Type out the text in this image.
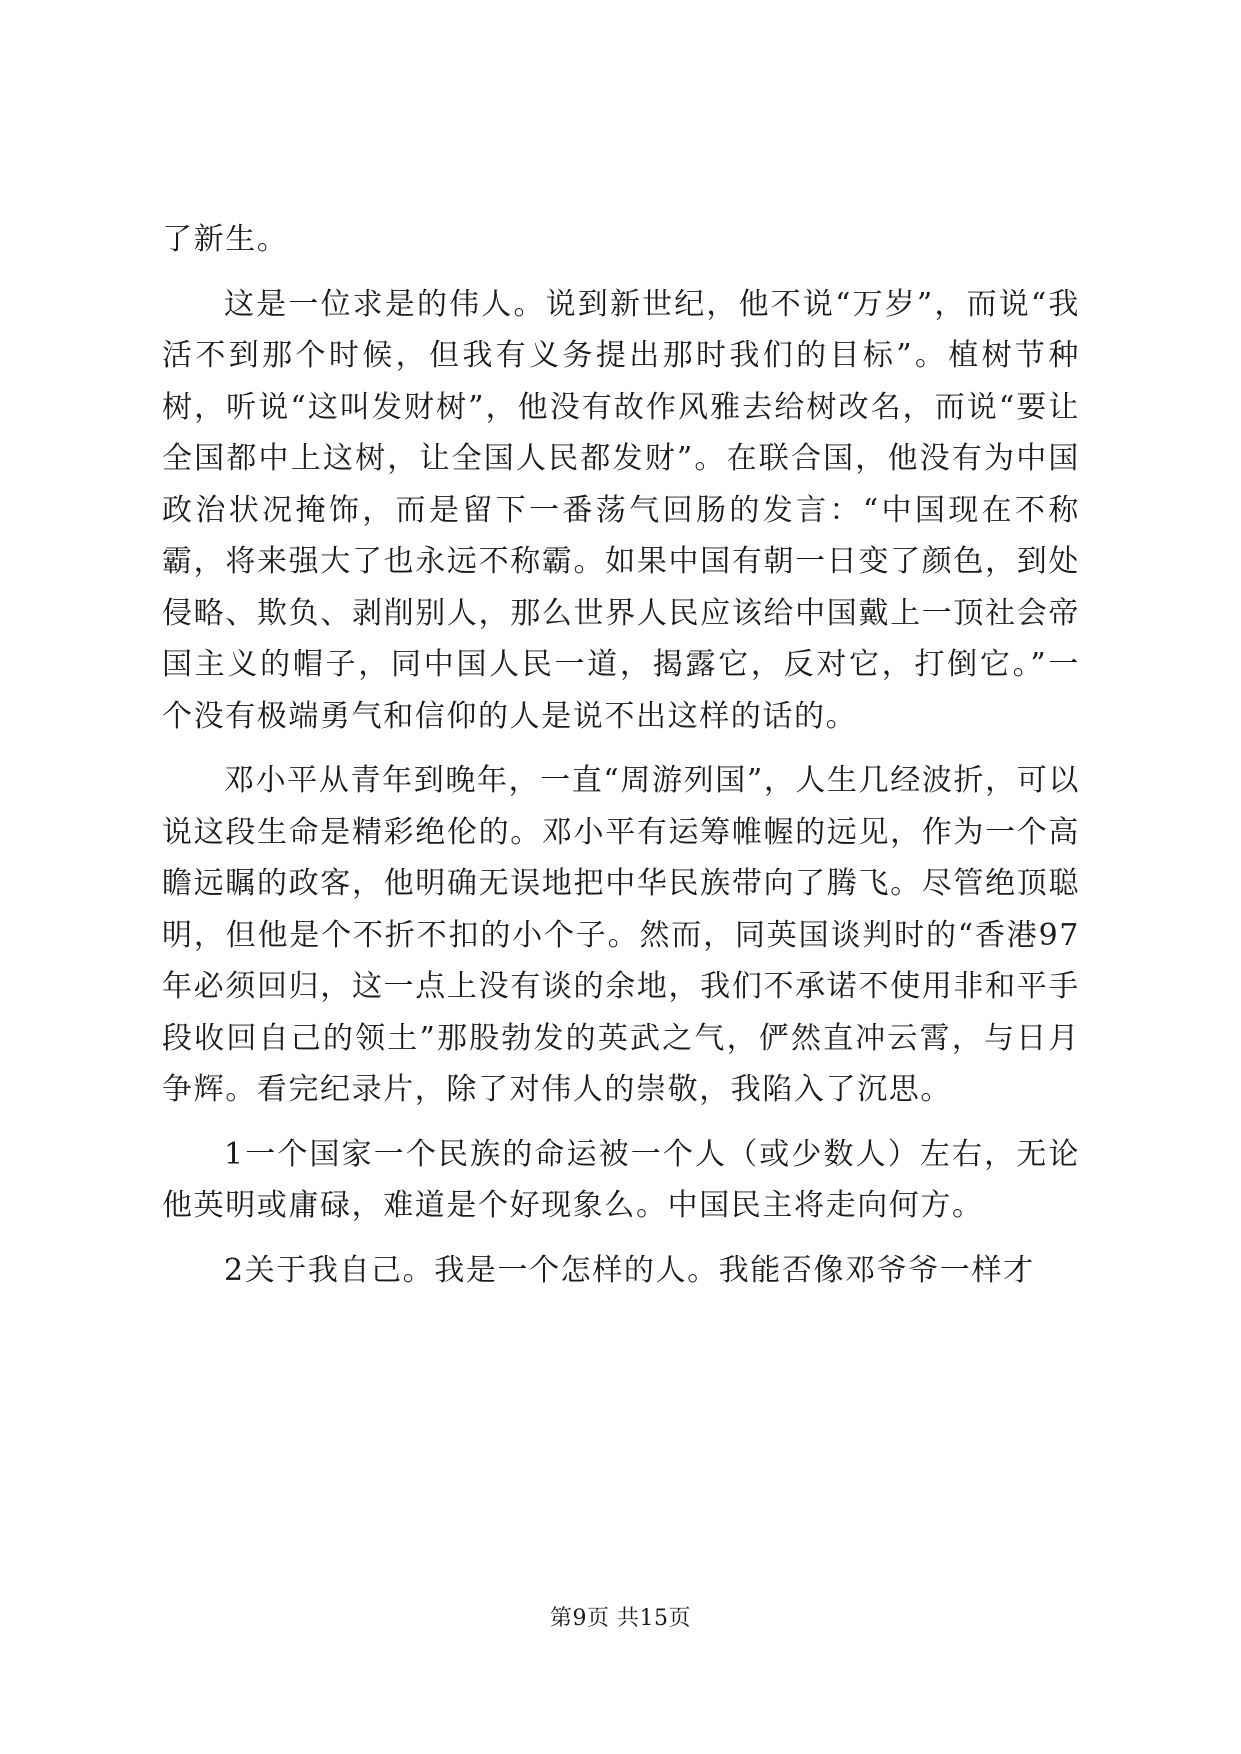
了新生。

这是一位求是的伟人。说到新世纪，他不说“万岁”，而说“我活不到那个时候，但我有义务提出那时我们的目标”。植树节种树，听说“这叫发财树”，他没有故作风雅去给树改名，而说“要让全国都中上这树，让全国人民都发财”。在联合国，他没有为中国政治状况掩饰，而是留下一番荡气回肠的发言：“中国现在不称霸，将来强大了也永远不称霸。如果中国有朝一日变了颜色，到处侵略、欺负、剥削别人，那么世界人民应该给中国戴上一顶社会帝国主义的帽子，同中国人民一道，揭露它，反对它，打倒它。”一个没有极端勇气和信仰的人是说不出这样的话的。

邓小平从青年到晚年，一直“周游列国”，人生几经波折，可以说这段生命是精彩绝伦的。邓小平有运筹帷幄的远见，作为一个高瞻远瞩的政客，他明确无误地把中华民族带向了腾飞。尽管绝顶聪明，但他是个不折不扣的小个子。然而，同英国谈判时的“香港97年必须回归，这一点上没有谈的余地，我们不承诺不使用非和平手段收回自己的领土”那股勃发的英武之气，俨然直冲云霄，与日月争辉。看完纪录片，除了对伟人的崇敬，我陷入了沉思。

1一个国家一个民族的命运被一个人（或少数人）左右，无论他英明或庸碌，难道是个好现象么。中国民主将走向何方。

2关于我自己。我是一个怎样的人。我能否像邓爷爷一样才

第9页 共15页
